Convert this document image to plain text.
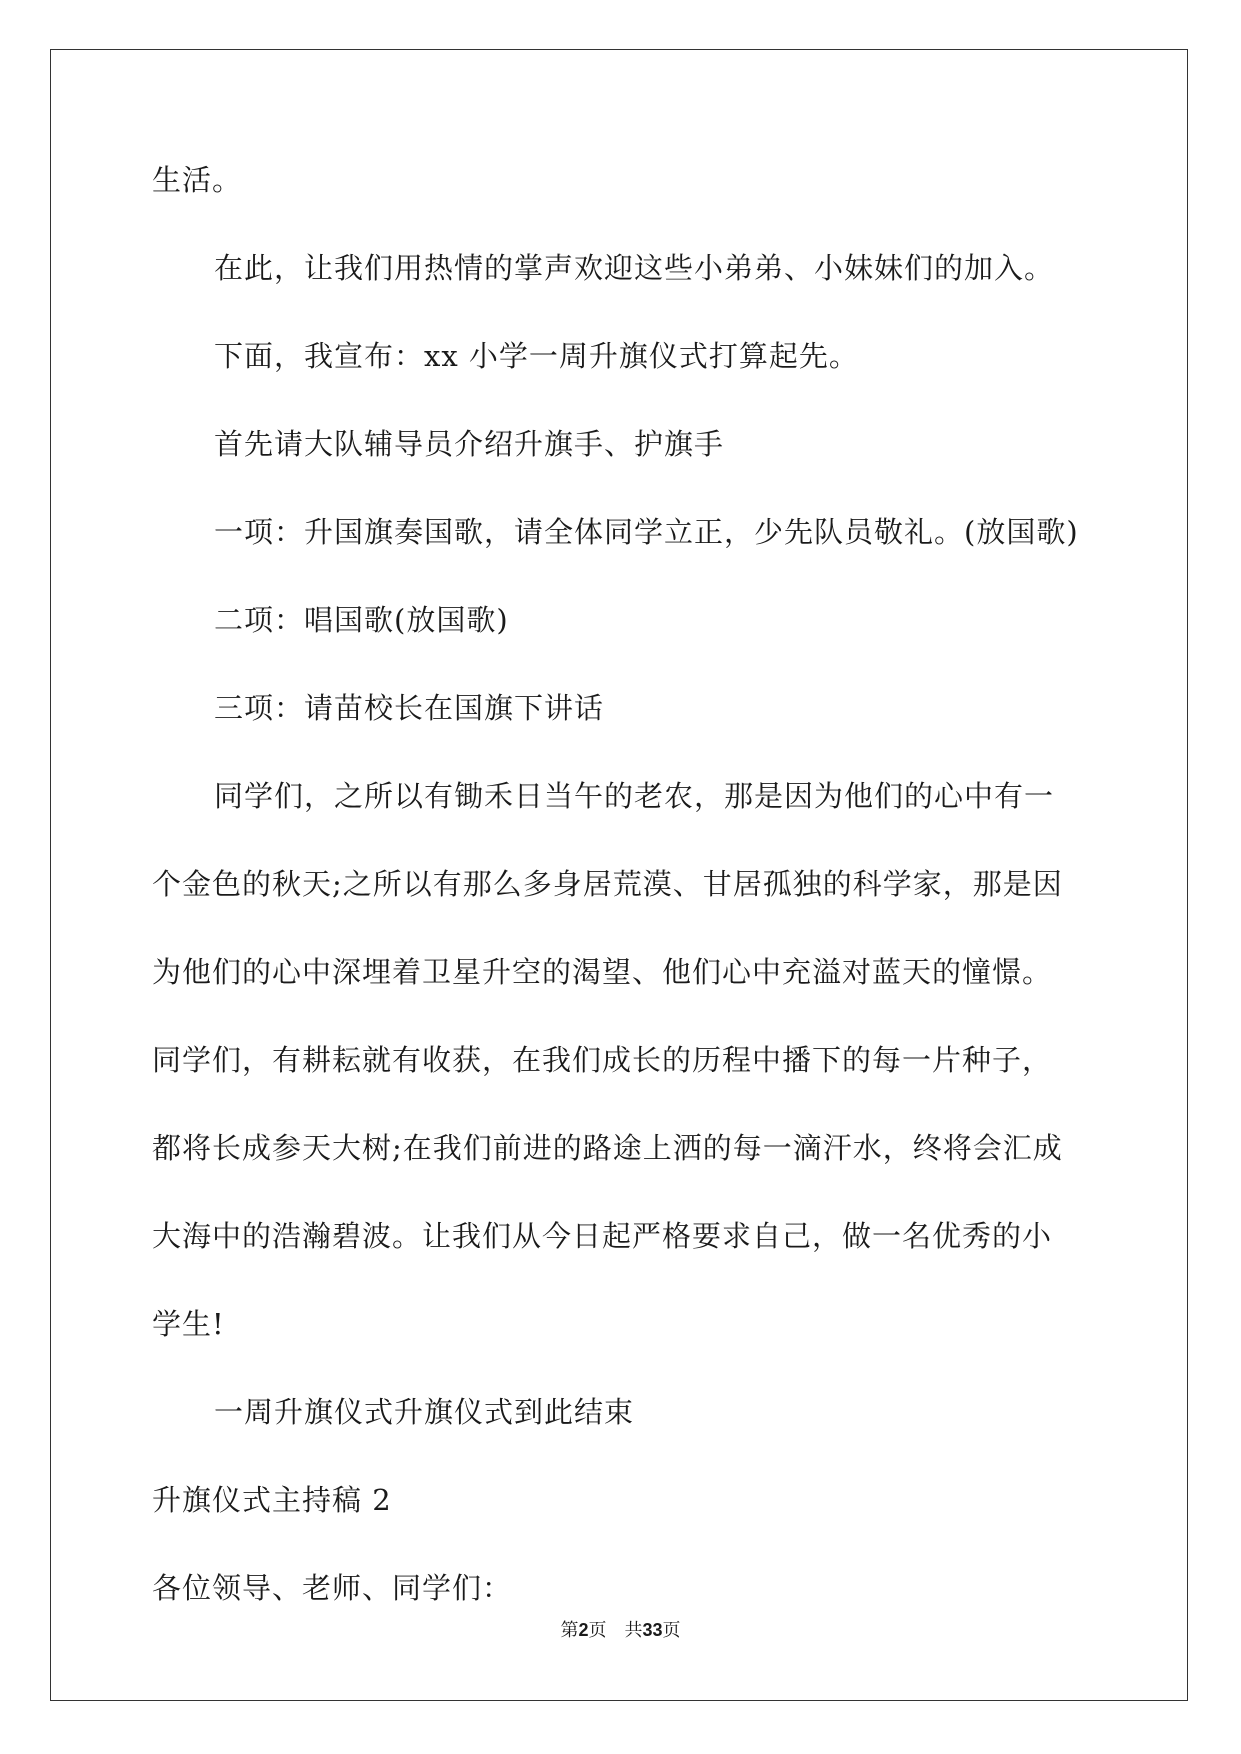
生活。
在此，让我们用热情的掌声欢迎这些小弟弟、小妹妹们的加入。
下面，我宣布：xx 小学一周升旗仪式打算起先。
首先请大队辅导员介绍升旗手、护旗手
一项：升国旗奏国歌，请全体同学立正，少先队员敬礼。(放国歌)
二项：唱国歌(放国歌)
三项：请苗校长在国旗下讲话
同学们，之所以有锄禾日当午的老农，那是因为他们的心中有一
个金色的秋天;之所以有那么多身居荒漠、甘居孤独的科学家，那是因
为他们的心中深埋着卫星升空的渴望、他们心中充溢对蓝天的憧憬。
同学们，有耕耘就有收获，在我们成长的历程中播下的每一片种子，
都将长成参天大树;在我们前进的路途上洒的每一滴汗水，终将会汇成
大海中的浩瀚碧波。让我们从今日起严格要求自己，做一名优秀的小
学生!
一周升旗仪式升旗仪式到此结束
升旗仪式主持稿 2
各位领导、老师、同学们：
第2页　共33页
